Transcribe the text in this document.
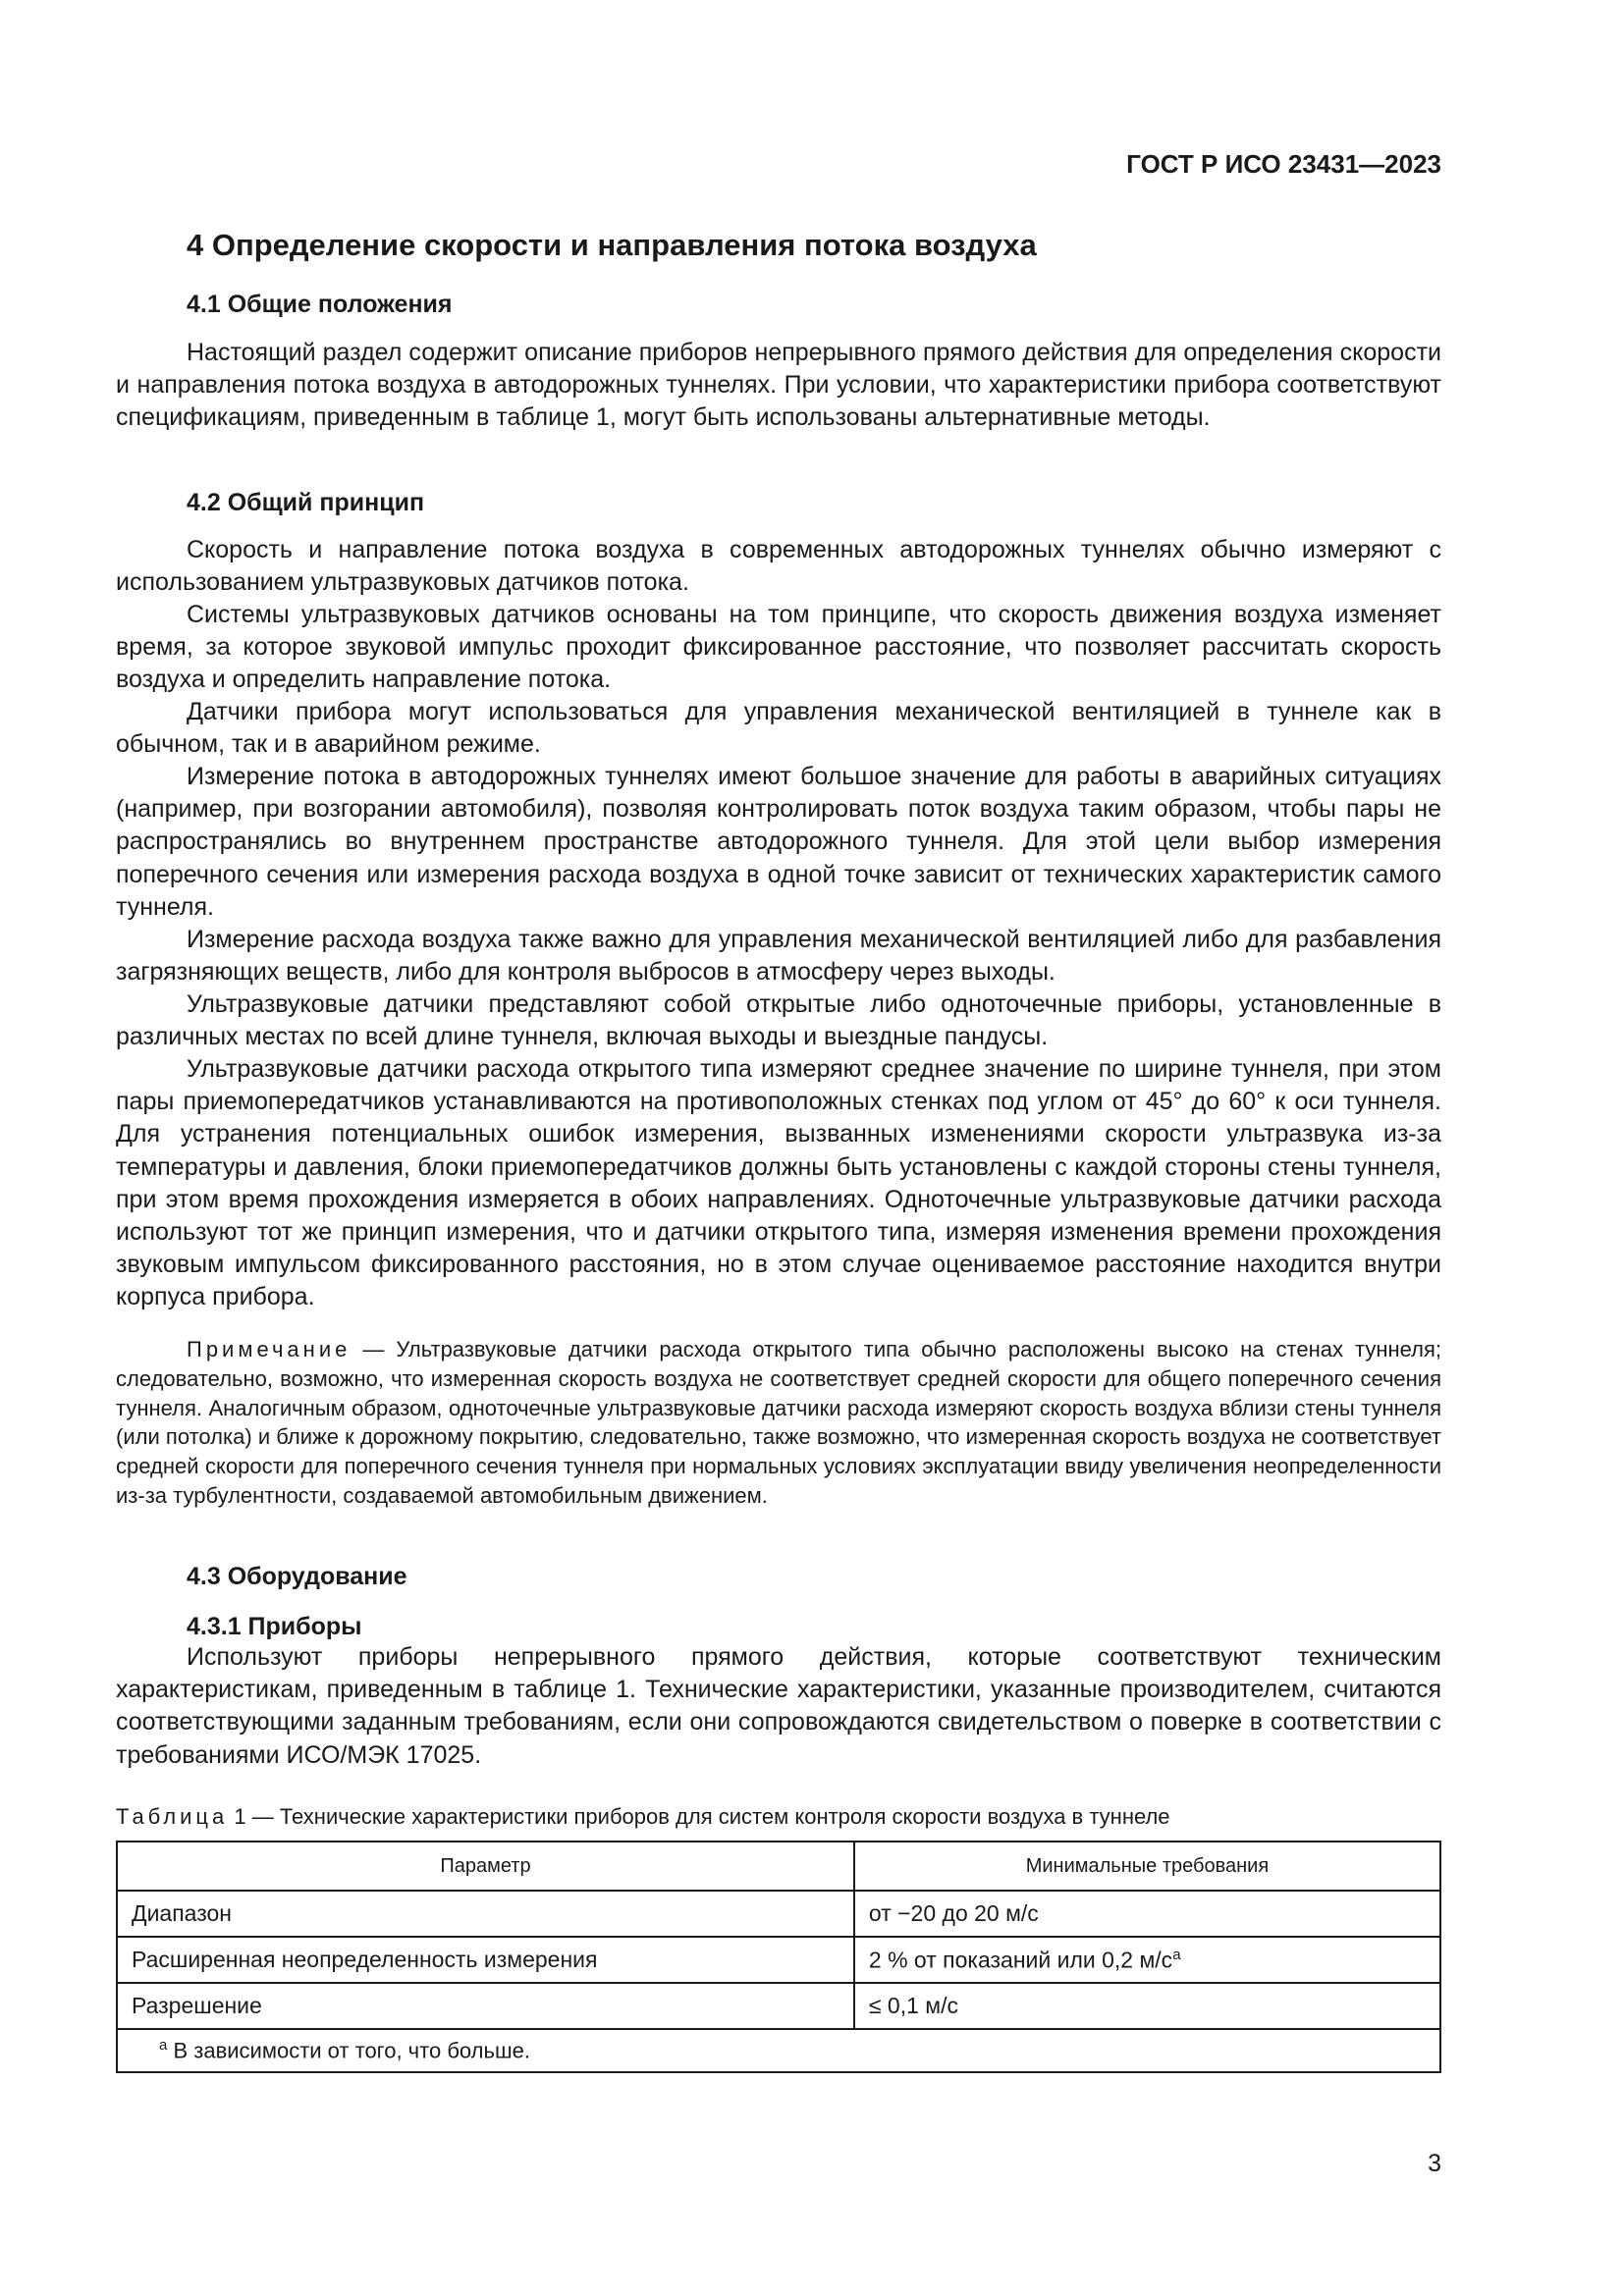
ГОСТ Р ИСО 23431—2023
4 Определение скорости и направления потока воздуха
4.1 Общие положения

Настоящий раздел содержит описание приборов непрерывного прямого действия для определения скорости и направления потока воздуха в автодорожных туннелях. При условии, что характеристики прибора соответствуют спецификациям, приведенным в таблице 1, могут быть использованы альтернативные методы.

4.2 Общий принцип

Скорость и направление потока воздуха в современных автодорожных туннелях обычно измеряют с использованием ультразвуковых датчиков потока.

Системы ультразвуковых датчиков основаны на том принципе, что скорость движения воздуха изменяет время, за которое звуковой импульс проходит фиксированное расстояние, что позволяет рассчитать скорость воздуха и определить направление потока.

Датчики прибора могут использоваться для управления механической вентиляцией в туннеле как в обычном, так и в аварийном режиме.

Измерение потока в автодорожных туннелях имеют большое значение для работы в аварийных ситуациях (например, при возгорании автомобиля), позволяя контролировать поток воздуха таким образом, чтобы пары не распространялись во внутреннем пространстве автодорожного туннеля. Для этой цели выбор измерения поперечного сечения или измерения расхода воздуха в одной точке зависит от технических характеристик самого туннеля.

Измерение расхода воздуха также важно для управления механической вентиляцией либо для разбавления загрязняющих веществ, либо для контроля выбросов в атмосферу через выходы.

Ультразвуковые датчики представляют собой открытые либо одноточечные приборы, установленные в различных местах по всей длине туннеля, включая выходы и выездные пандусы.

Ультразвуковые датчики расхода открытого типа измеряют среднее значение по ширине туннеля, при этом пары приемопередатчиков устанавливаются на противоположных стенках под углом от 45° до 60° к оси туннеля. Для устранения потенциальных ошибок измерения, вызванных изменениями скорости ультразвука из-за температуры и давления, блоки приемопередатчиков должны быть установлены с каждой стороны стены туннеля, при этом время прохождения измеряется в обоих направлениях. Одноточечные ультразвуковые датчики расхода используют тот же принцип измерения, что и датчики открытого типа, измеряя изменения времени прохождения звуковым импульсом фиксированного расстояния, но в этом случае оцениваемое расстояние находится внутри корпуса прибора.

Примечание — Ультразвуковые датчики расхода открытого типа обычно расположены высоко на стенах туннеля; следовательно, возможно, что измеренная скорость воздуха не соответствует средней скорости для общего поперечного сечения туннеля. Аналогичным образом, одноточечные ультразвуковые датчики расхода измеряют скорость воздуха вблизи стены туннеля (или потолка) и ближе к дорожному покрытию, следовательно, также возможно, что измеренная скорость воздуха не соответствует средней скорости для поперечного сечения туннеля при нормальных условиях эксплуатации ввиду увеличения неопределенности из-за турбулентности, создаваемой автомобильным движением.

4.3 Оборудование
4.3.1 Приборы

Используют приборы непрерывного прямого действия, которые соответствуют техническим характеристикам, приведенным в таблице 1. Технические характеристики, указанные производителем, считаются соответствующими заданным требованиям, если они сопровождаются свидетельством о поверке в соответствии с требованиями ИСО/МЭК 17025.

Таблица 1 — Технические характеристики приборов для систем контроля скорости воздуха в туннеле
Параметр	Минимальные требования
Диапазон	от −20 до 20 м/с
Расширенная неопределенность измерения	2 % от показаний или 0,2 $м/с^a$
Разрешение	≤ 0,1 м/с
$^a$ В зависимости от того, что больше.	
3
